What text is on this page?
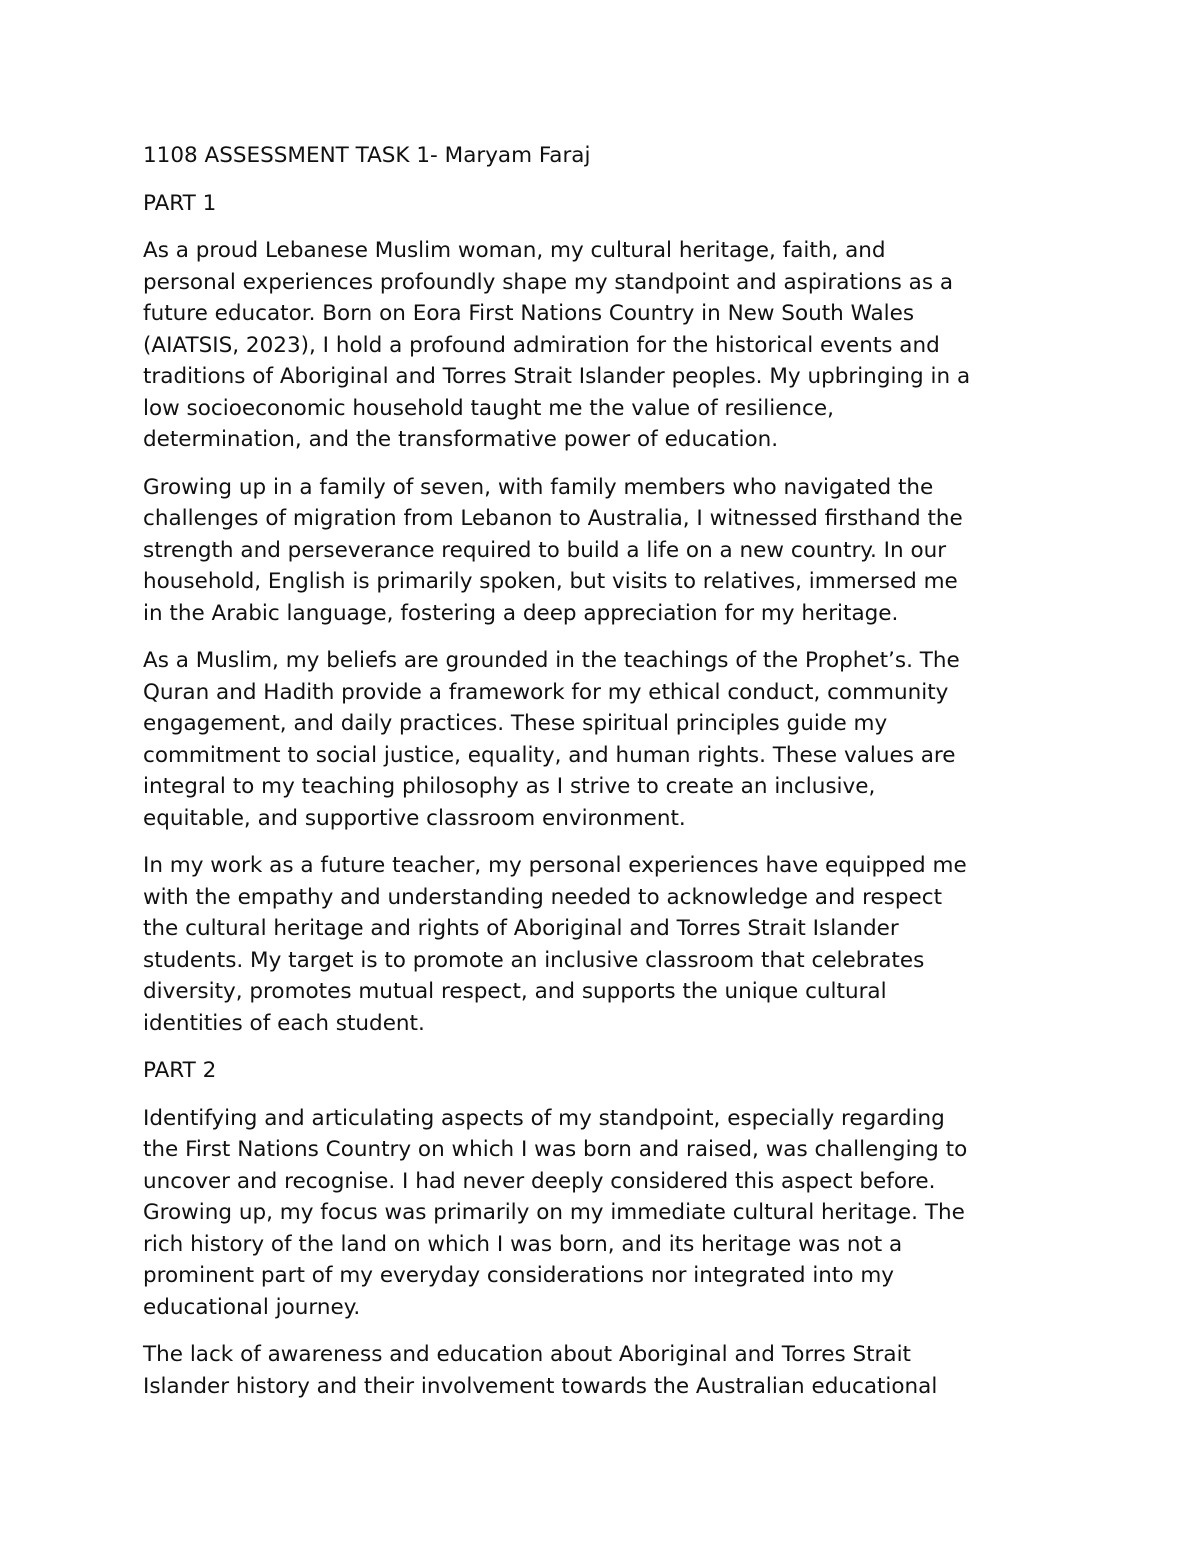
1108 ASSESSMENT TASK 1- Maryam Faraj

PART 1

As a proud Lebanese Muslim woman, my cultural heritage, faith, and
personal experiences profoundly shape my standpoint and aspirations as a
future educator. Born on Eora First Nations Country in New South Wales
(AIATSIS, 2023), I hold a profound admiration for the historical events and
traditions of Aboriginal and Torres Strait Islander peoples. My upbringing in a
low socioeconomic household taught me the value of resilience,
determination, and the transformative power of education.

Growing up in a family of seven, with family members who navigated the
challenges of migration from Lebanon to Australia, I witnessed firsthand the
strength and perseverance required to build a life on a new country. In our
household, English is primarily spoken, but visits to relatives, immersed me
in the Arabic language, fostering a deep appreciation for my heritage.

As a Muslim, my beliefs are grounded in the teachings of the Prophet’s. The
Quran and Hadith provide a framework for my ethical conduct, community
engagement, and daily practices. These spiritual principles guide my
commitment to social justice, equality, and human rights. These values are
integral to my teaching philosophy as I strive to create an inclusive,
equitable, and supportive classroom environment.

In my work as a future teacher, my personal experiences have equipped me
with the empathy and understanding needed to acknowledge and respect
the cultural heritage and rights of Aboriginal and Torres Strait Islander
students. My target is to promote an inclusive classroom that celebrates
diversity, promotes mutual respect, and supports the unique cultural
identities of each student.

PART 2

Identifying and articulating aspects of my standpoint, especially regarding
the First Nations Country on which I was born and raised, was challenging to
uncover and recognise. I had never deeply considered this aspect before.
Growing up, my focus was primarily on my immediate cultural heritage. The
rich history of the land on which I was born, and its heritage was not a
prominent part of my everyday considerations nor integrated into my
educational journey.

The lack of awareness and education about Aboriginal and Torres Strait
Islander history and their involvement towards the Australian educational
